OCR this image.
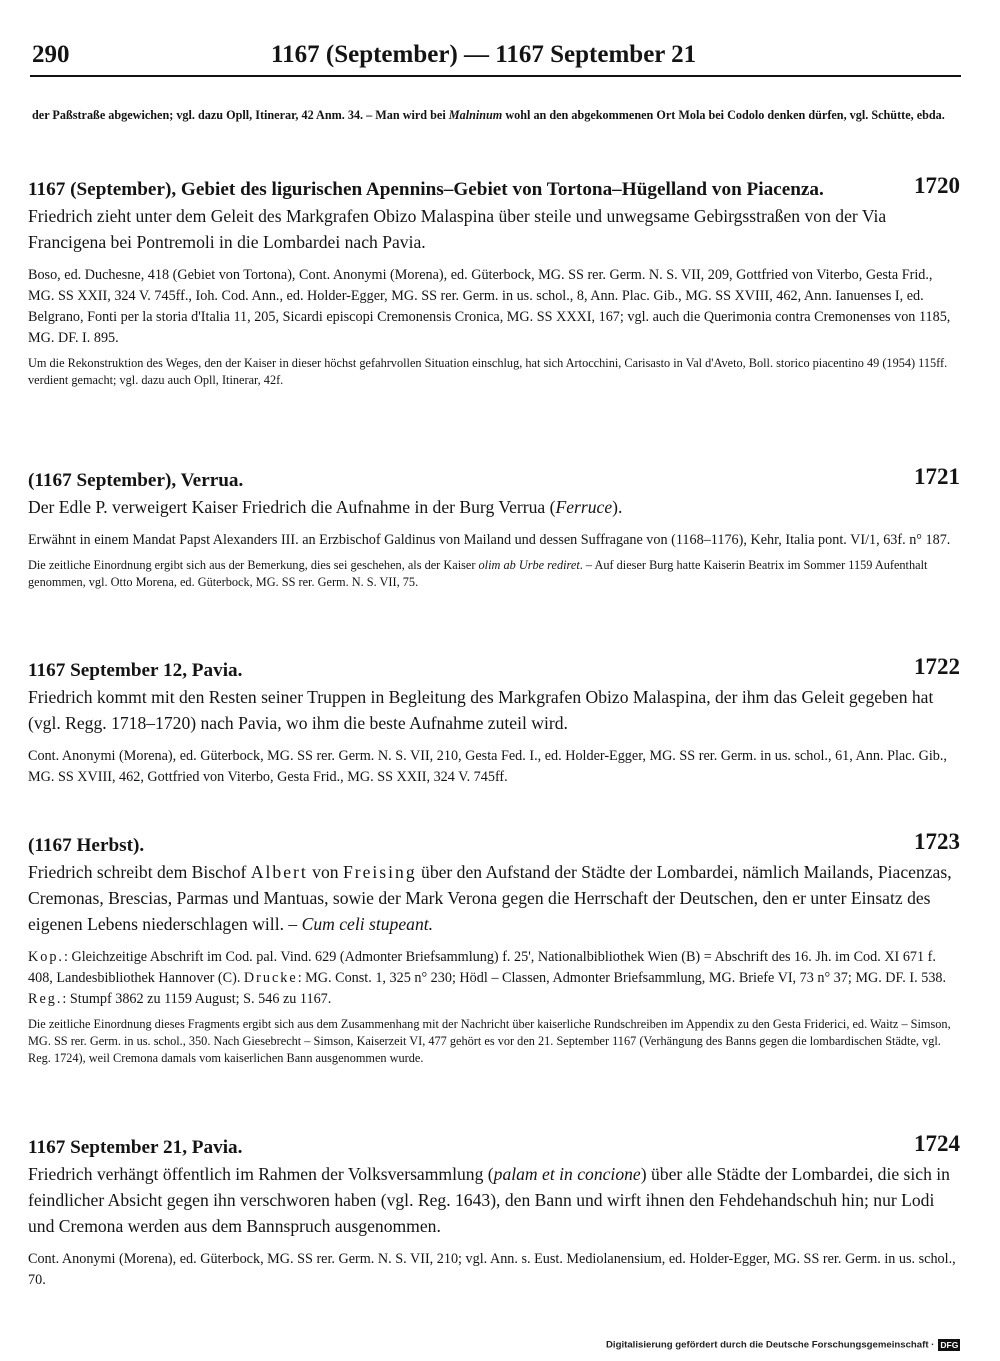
290	1167 (September) — 1167 September 21
der Paßstraße abgewichen; vgl. dazu Opll, Itinerar, 42 Anm. 34. – Man wird bei Malninum wohl an den abgekommenen Ort Mola bei Codolo denken dürfen, vgl. Schütte, ebda.
1167 (September), Gebiet des ligurischen Apennins–Gebiet von Tortona–Hügelland von Piacenza.	1720
Friedrich zieht unter dem Geleit des Markgrafen Obizo Malaspina über steile und unwegsame Gebirgsstraßen von der Via Francigena bei Pontremoli in die Lombardei nach Pavia.
Boso, ed. Duchesne, 418 (Gebiet von Tortona), Cont. Anonymi (Morena), ed. Güterbock, MG. SS rer. Germ. N. S. VII, 209, Gottfried von Viterbo, Gesta Frid., MG. SS XXII, 324 V. 745ff., Ioh. Cod. Ann., ed. Holder-Egger, MG. SS rer. Germ. in us. schol., 8, Ann. Plac. Gib., MG. SS XVIII, 462, Ann. Ianuenses I, ed. Belgrano, Fonti per la storia d'Italia 11, 205, Sicardi episcopi Cremonensis Cronica, MG. SS XXXI, 167; vgl. auch die Querimonia contra Cremonenses von 1185, MG. DF. I. 895.
Um die Rekonstruktion des Weges, den der Kaiser in dieser höchst gefahrvollen Situation einschlug, hat sich Artocchini, Carisasto in Val d'Aveto, Boll. storico piacentino 49 (1954) 115ff. verdient gemacht; vgl. dazu auch Opll, Itinerar, 42f.
(1167 September), Verrua.	1721
Der Edle P. verweigert Kaiser Friedrich die Aufnahme in der Burg Verrua (Ferruce).
Erwähnt in einem Mandat Papst Alexanders III. an Erzbischof Galdinus von Mailand und dessen Suffragane von (1168–1176), Kehr, Italia pont. VI/1, 63f. n° 187.
Die zeitliche Einordnung ergibt sich aus der Bemerkung, dies sei geschehen, als der Kaiser olim ab Urbe rediret. – Auf dieser Burg hatte Kaiserin Beatrix im Sommer 1159 Aufenthalt genommen, vgl. Otto Morena, ed. Güterbock, MG. SS rer. Germ. N. S. VII, 75.
1167 September 12, Pavia.	1722
Friedrich kommt mit den Resten seiner Truppen in Begleitung des Markgrafen Obizo Malaspina, der ihm das Geleit gegeben hat (vgl. Regg. 1718–1720) nach Pavia, wo ihm die beste Aufnahme zuteil wird.
Cont. Anonymi (Morena), ed. Güterbock, MG. SS rer. Germ. N. S. VII, 210, Gesta Fed. I., ed. Holder-Egger, MG. SS rer. Germ. in us. schol., 61, Ann. Plac. Gib., MG. SS XVIII, 462, Gottfried von Viterbo, Gesta Frid., MG. SS XXII, 324 V. 745ff.
(1167 Herbst).	1723
Friedrich schreibt dem Bischof Albert von Freising über den Aufstand der Städte der Lombardei, nämlich Mailands, Piacenzas, Cremonas, Brescias, Parmas und Mantuas, sowie der Mark Verona gegen die Herrschaft der Deutschen, den er unter Einsatz des eigenen Lebens niederschlagen will. – Cum celi stupeant.
Kop.: Gleichzeitige Abschrift im Cod. pal. Vind. 629 (Admonter Briefsammlung) f. 25', Nationalbibliothek Wien (B) = Abschrift des 16. Jh. im Cod. XI 671 f. 408, Landesbibliothek Hannover (C). Drucke: MG. Const. 1, 325 n° 230; Hödl – Classen, Admonter Briefsammlung, MG. Briefe VI, 73 n° 37; MG. DF. I. 538. Reg.: Stumpf 3862 zu 1159 August; S. 546 zu 1167.
Die zeitliche Einordnung dieses Fragments ergibt sich aus dem Zusammenhang mit der Nachricht über kaiserliche Rundschreiben im Appendix zu den Gesta Friderici, ed. Waitz – Simson, MG. SS rer. Germ. in us. schol., 350. Nach Giesebrecht – Simson, Kaiserzeit VI, 477 gehört es vor den 21. September 1167 (Verhängung des Banns gegen die lombardischen Städte, vgl. Reg. 1724), weil Cremona damals vom kaiserlichen Bann ausgenommen wurde.
1167 September 21, Pavia.	1724
Friedrich verhängt öffentlich im Rahmen der Volksversammlung (palam et in concione) über alle Städte der Lombardei, die sich in feindlicher Absicht gegen ihn verschworen haben (vgl. Reg. 1643), den Bann und wirft ihnen den Fehdehandschuh hin; nur Lodi und Cremona werden aus dem Bannspruch ausgenommen.
Cont. Anonymi (Morena), ed. Güterbock, MG. SS rer. Germ. N. S. VII, 210; vgl. Ann. s. Eust. Mediolanensium, ed. Holder-Egger, MG. SS rer. Germ. in us. schol., 70.
Digitalisierung gefördert durch die Deutsche Forschungsgemeinschaft · DFG
